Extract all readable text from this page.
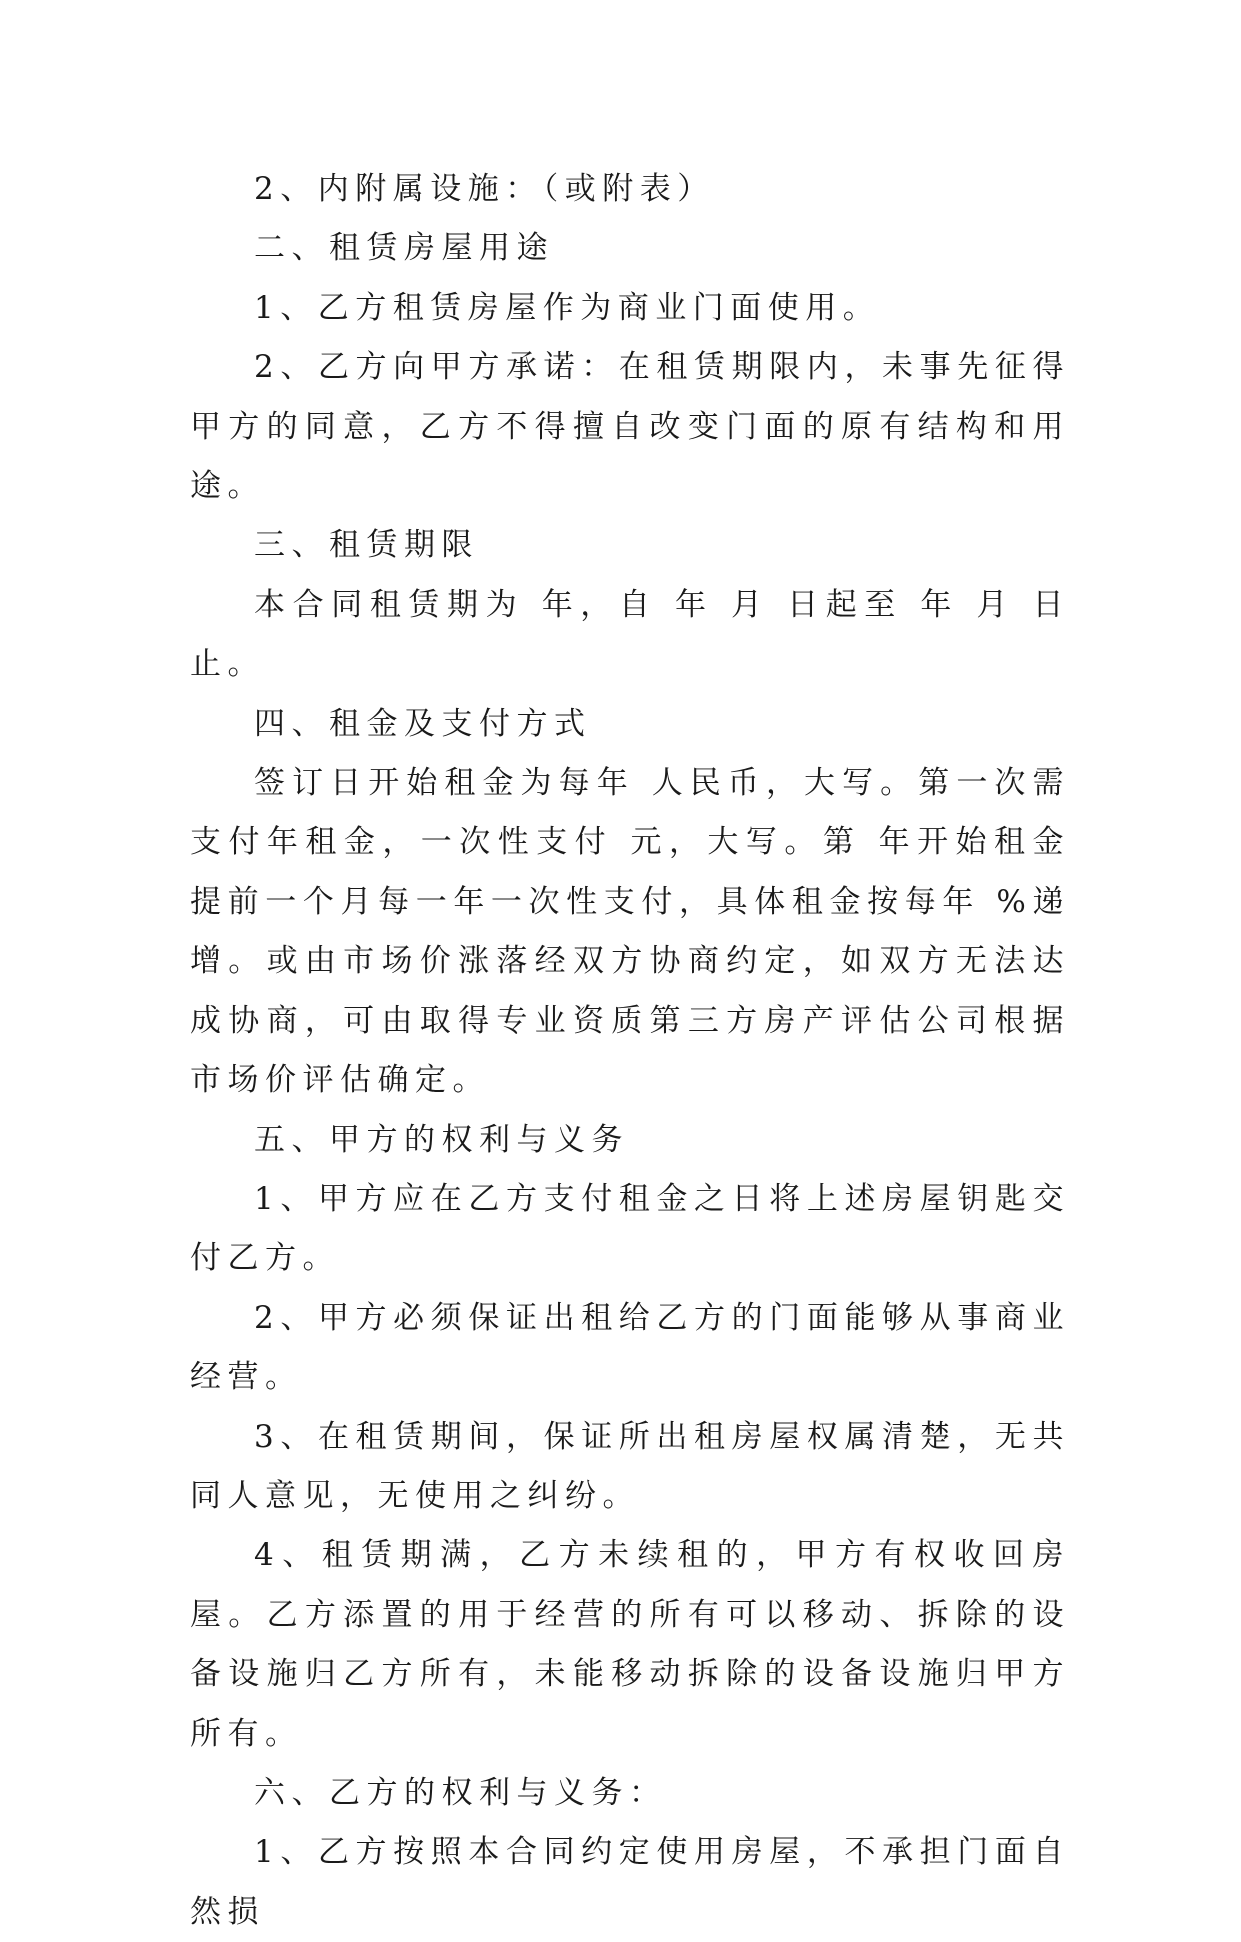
2、内附属设施：（或附表）

二、租赁房屋用途

1、乙方租赁房屋作为商业门面使用。

2、乙方向甲方承诺：在租赁期限内，未事先征得甲方的同意，乙方不得擅自改变门面的原有结构和用途。

三、租赁期限

本合同租赁期为 年，自 年 月 日起至 年 月 日止。

四、租金及支付方式

签订日开始租金为每年 人民币，大写。第一次需支付年租金，一次性支付 元，大写。第 年开始租金提前一个月每一年一次性支付，具体租金按每年 %递增。或由市场价涨落经双方协商约定，如双方无法达成协商，可由取得专业资质第三方房产评估公司根据市场价评估确定。

五、甲方的权利与义务

1、甲方应在乙方支付租金之日将上述房屋钥匙交付乙方。

2、甲方必须保证出租给乙方的门面能够从事商业经营。

3、在租赁期间，保证所出租房屋权属清楚，无共同人意见，无使用之纠纷。

4、租赁期满，乙方未续租的，甲方有权收回房屋。乙方添置的用于经营的所有可以移动、拆除的设备设施归乙方所有，未能移动拆除的设备设施归甲方所有。

六、乙方的权利与义务：

1、乙方按照本合同约定使用房屋，不承担门面自然损
